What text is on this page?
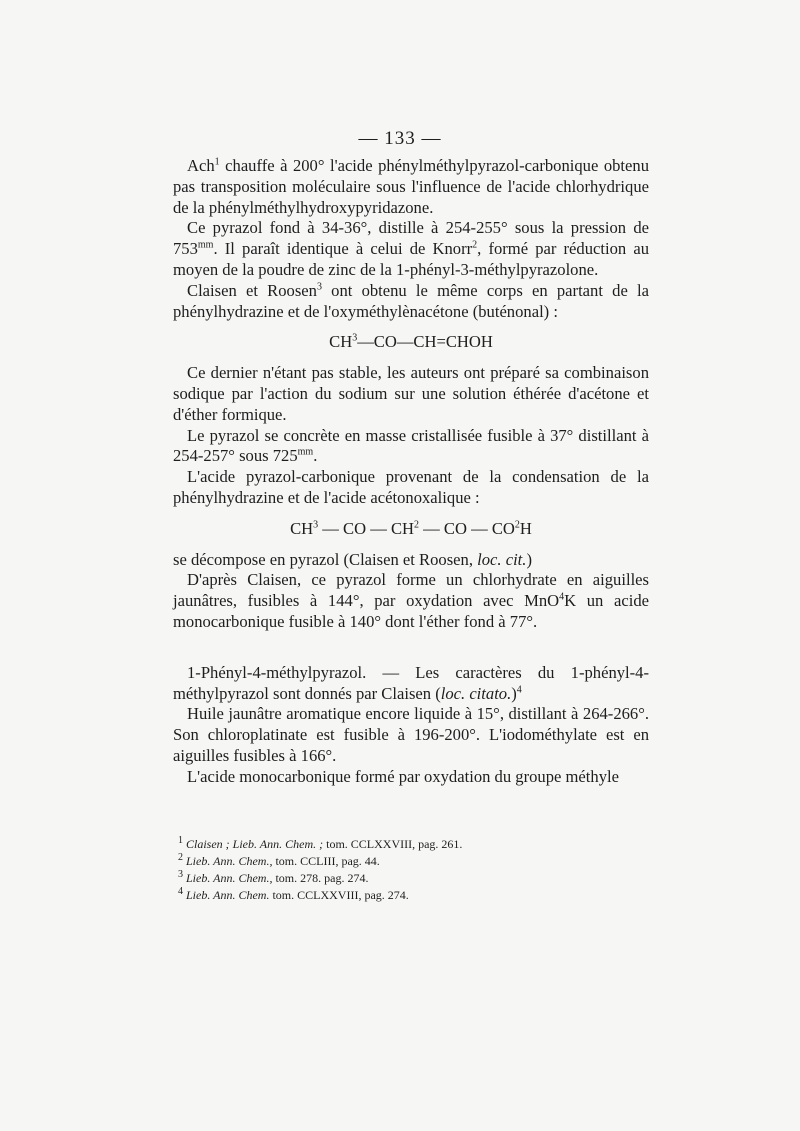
— 133 —

Ach$^1$ chauffe à 200° l'acide phénylméthylpyrazol-carbonique obtenu pas transposition moléculaire sous l'influence de l'acide chlorhydrique de la phénylméthylhydroxypyridazone.

Ce pyrazol fond à 34-36°, distille à 254-255° sous la pression de $753^{mm}$. Il paraît identique à celui de Knorr$^2$, formé par réduction au moyen de la poudre de zinc de la 1-phényl-3-méthylpyrazolone.

Claisen et Roosen$^3$ ont obtenu le même corps en partant de la phénylhydrazine et de l'oxyméthylènacétone (buténonal) :

$CH^3—CO—CH=CHOH$

Ce dernier n'étant pas stable, les auteurs ont préparé sa combinaison sodique par l'action du sodium sur une solution éthérée d'acétone et d'éther formique.

Le pyrazol se concrète en masse cristallisée fusible à 37° distillant à 254-257° sous $725^{mm}$.

L'acide pyrazol-carbonique provenant de la condensation de la phénylhydrazine et de l'acide acétonoxalique :

$CH^3$ — CO — $CH^2$ — CO — $CO^2H$

se décompose en pyrazol (Claisen et Roosen, loc. cit.)

D'après Claisen, ce pyrazol forme un chlorhydrate en aiguilles jaunâtres, fusibles à 144°, par oxydation avec MnO$^4$K un acide monocarbonique fusible à 140° dont l'éther fond à 77°.

1-Phényl-4-méthylpyrazol. — Les caractères du 1-phényl-4-méthylpyrazol sont donnés par Claisen (loc. citato.)$^4$

Huile jaunâtre aromatique encore liquide à 15°, distillant à 264-266°. Son chloroplatinate est fusible à 196-200°. L'iodométhylate est en aiguilles fusibles à 166°.

L'acide monocarbonique formé par oxydation du groupe méthyle

$^1$ Claisen ; Lieb. Ann. Chem. ; tom. CCLXXVIII, pag. 261.
$^2$ Lieb. Ann. Chem., tom. CCLIII, pag. 44.
$^3$ Lieb. Ann. Chem., tom. 278. pag. 274.
$^4$ Lieb. Ann. Chem. tom. CCLXXVIII, pag. 274.
